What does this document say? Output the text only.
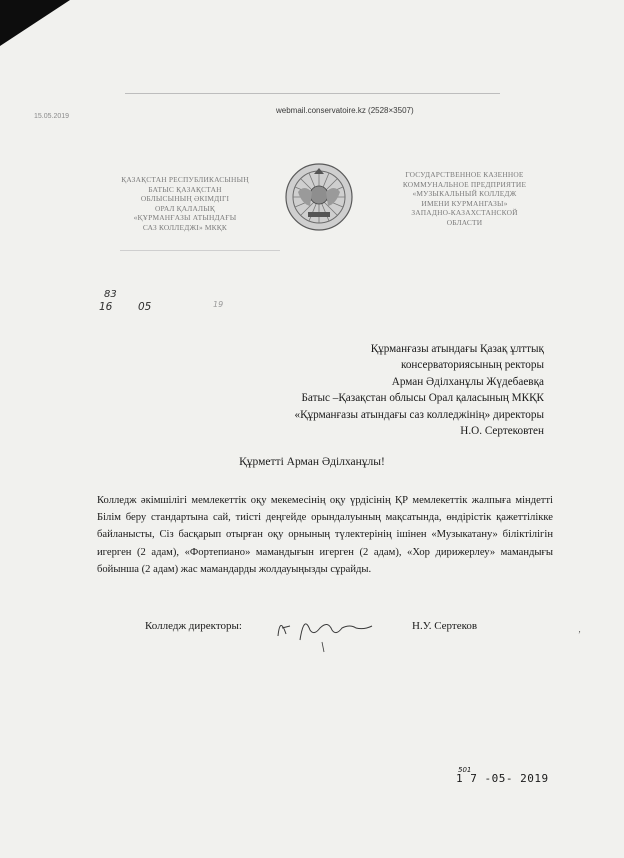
15.05.2019
webmail.conservatoire.kz (2528×3507)
ҚАЗАҚСТАН РЕСПУБЛИКАСЫНЫҢ
БАТЫС ҚАЗАҚСТАН
ОБЛЫСЫНЫҢ ӘКІМДІГІ
ОРАЛ ҚАЛАЛЫҚ
«ҚҰРМАНҒАЗЫ АТЫНДАҒЫ
САЗ КОЛЛЕДЖІ» МКҚК
ГОСУДАРСТВЕННОЕ КАЗЕННОЕ
КОММУНАЛЬНОЕ ПРЕДПРИЯТИЕ
«МУЗЫКАЛЬНЫЙ КОЛЛЕДЖ
ИМЕНИ КУРМАНГАЗЫ»
ЗАПАДНО-КАЗАХСТАНСКОЙ
ОБЛАСТИ
83
16 05	19
Құрманғазы атындағы Қазақ ұлттық
консерваториясының ректоры
Арман Әділханұлы Жүдебаевқа
Батыс –Қазақстан облысы Орал қаласының МКҚК
«Құрманғазы атындағы саз колледжінің» директоры
Н.О. Сертековтен
Құрметті Арман Әділханұлы!
Колледж әкімшілігі мемлекеттік оқу мекемесінің оқу үрдісінің ҚР мемлекеттік жалпыға міндетті Білім беру стандартына сай, тиісті деңгейде орындалуының мақсатында, өндірістік қажеттілікке байланысты, Сіз басқарып отырған оқу орнының түлектерінің ішінен «Музыкатану» біліктілігін игерген (2 адам), «Фортепиано» мамандығын игерген (2 адам), «Хор дирижерлеу» мамандығы бойынша (2 адам) жас мамандарды жолдауыңызды сұрайды.
Колледж директоры:	Н.У. Сертеков	‚
501
1 7 -05- 2019
